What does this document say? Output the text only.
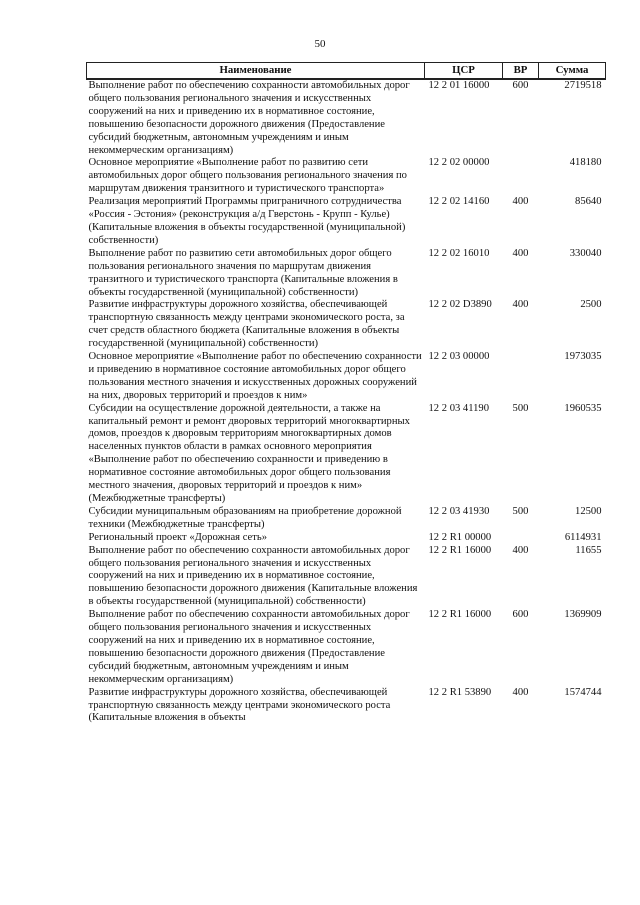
50
Наименование	ЦСР	ВР	Сумма
Выполнение работ по обеспечению сохранности автомобильных дорог общего пользования регионального значения и искусственных сооружений на них и приведению их в нормативное состояние, повышению безопасности дорожного движения (Предоставление субсидий бюджетным, автономным учреждениям и иным некоммерческим организациям)	12 2 01 16000	600	2719518
Основное мероприятие «Выполнение работ по развитию сети автомобильных дорог общего пользования регионального значения по маршрутам движения транзитного и туристического транспорта»	12 2 02 00000		418180
Реализация мероприятий Программы приграничного сотрудничества «Россия - Эстония» (реконструкция а/д Гверстонь - Крупп - Кулье) (Капитальные вложения в объекты государственной (муниципальной) собственности)	12 2 02 14160	400	85640
Выполнение работ по развитию сети автомобильных дорог общего пользования регионального значения по маршрутам движения транзитного и туристического транспорта (Капитальные вложения в объекты государственной (муниципальной) собственности)	12 2 02 16010	400	330040
Развитие инфраструктуры дорожного хозяйства, обеспечивающей транспортную связанность между центрами экономического роста, за счет средств областного бюджета (Капитальные вложения в объекты государственной (муниципальной) собственности)	12 2 02 D3890	400	2500
Основное мероприятие «Выполнение работ по обеспечению сохранности и приведению в нормативное состояние автомобильных дорог общего пользования местного значения и искусственных дорожных сооружений на них, дворовых территорий и проездов к ним»	12 2 03 00000		1973035
Субсидии на осуществление дорожной деятельности, а также на капитальный ремонт и ремонт дворовых территорий многоквартирных домов, проездов к дворовым территориям многоквартирных домов населенных пунктов области в рамках основного мероприятия «Выполнение работ по обеспечению сохранности и приведению в нормативное состояние автомобильных дорог общего пользования местного значения, дворовых территорий и проездов к ним» (Межбюджетные трансферты)	12 2 03 41190	500	1960535
Субсидии муниципальным образованиям на приобретение дорожной техники (Межбюджетные трансферты)	12 2 03 41930	500	12500
Региональный проект «Дорожная сеть»	12 2 R1 00000		6114931
Выполнение работ по обеспечению сохранности автомобильных дорог общего пользования регионального значения и искусственных сооружений на них и приведению их в нормативное состояние, повышению безопасности дорожного движения (Капитальные вложения в объекты государственной (муниципальной) собственности)	12 2 R1 16000	400	11655
Выполнение работ по обеспечению сохранности автомобильных дорог общего пользования регионального значения и искусственных сооружений на них и приведению их в нормативное состояние, повышению безопасности дорожного движения (Предоставление субсидий бюджетным, автономным учреждениям и иным некоммерческим организациям)	12 2 R1 16000	600	1369909
Развитие инфраструктуры дорожного хозяйства, обеспечивающей транспортную связанность между центрами экономического роста (Капитальные вложения в объекты	12 2 R1 53890	400	1574744
